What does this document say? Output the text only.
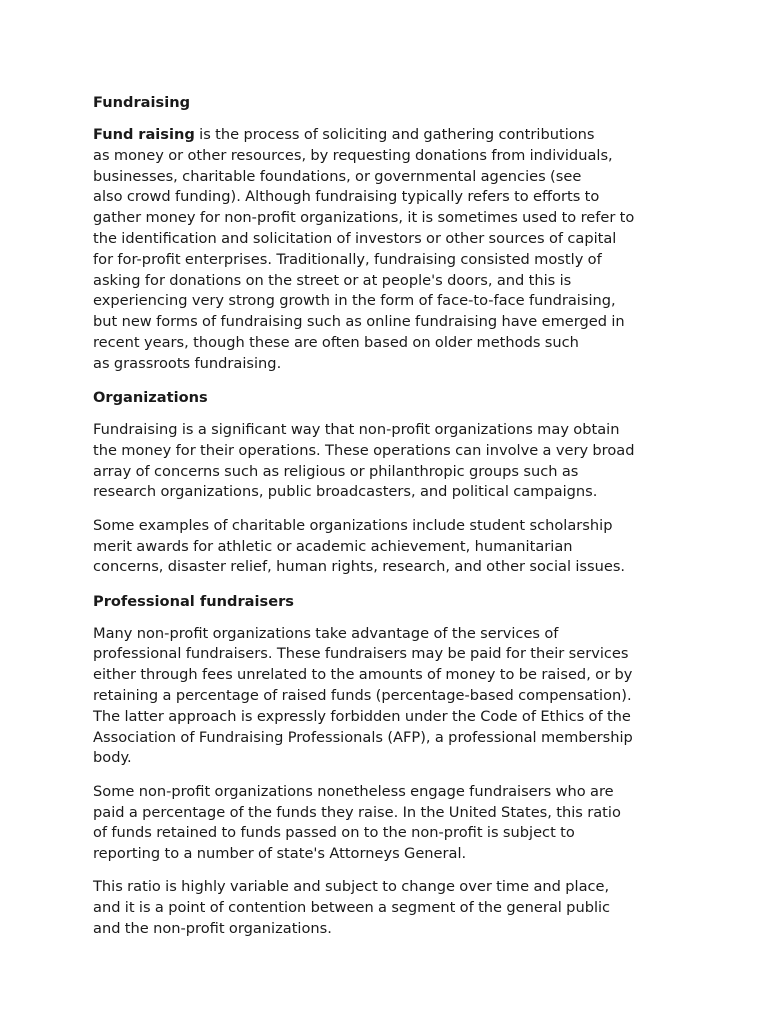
Fundraising
Fund raising is the process of soliciting and gathering contributions
as money or other resources, by requesting donations from individuals,
businesses, charitable foundations, or governmental agencies (see
also crowd funding). Although fundraising typically refers to efforts to
gather money for non-profit organizations, it is sometimes used to refer to
the identification and solicitation of investors or other sources of capital
for for-profit enterprises. Traditionally, fundraising consisted mostly of
asking for donations on the street or at people's doors, and this is
experiencing very strong growth in the form of face-to-face fundraising,
but new forms of fundraising such as online fundraising have emerged in
recent years, though these are often based on older methods such
as grassroots fundraising.
Organizations
Fundraising is a significant way that non-profit organizations may obtain
the money for their operations. These operations can involve a very broad
array of concerns such as religious or philanthropic groups such as
research organizations, public broadcasters, and political campaigns.
Some examples of charitable organizations include student scholarship
merit awards for athletic or academic achievement, humanitarian
concerns, disaster relief, human rights, research, and other social issues.
Professional fundraisers
Many non-profit organizations take advantage of the services of
professional fundraisers. These fundraisers may be paid for their services
either through fees unrelated to the amounts of money to be raised, or by
retaining a percentage of raised funds (percentage-based compensation).
The latter approach is expressly forbidden under the Code of Ethics of the
Association of Fundraising Professionals (AFP), a professional membership
body.
Some non-profit organizations nonetheless engage fundraisers who are
paid a percentage of the funds they raise. In the United States, this ratio
of funds retained to funds passed on to the non-profit is subject to
reporting to a number of state's Attorneys General.
This ratio is highly variable and subject to change over time and place,
and it is a point of contention between a segment of the general public
and the non-profit organizations.
